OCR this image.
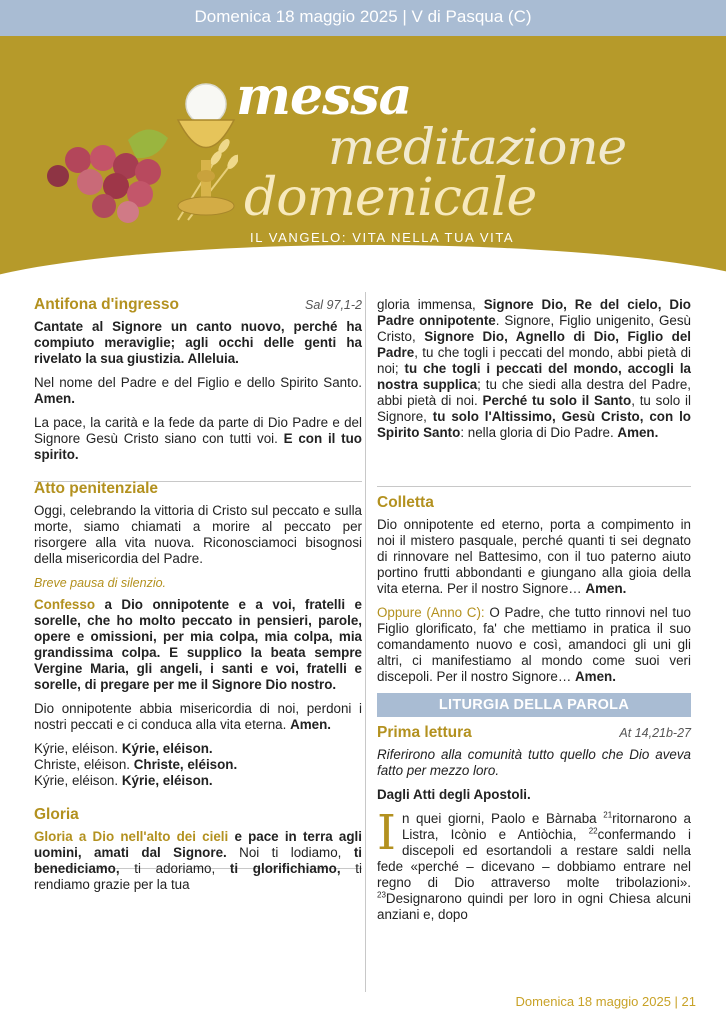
Domenica 18 maggio 2025 | V di Pasqua (C)
messa
meditazione
domenicale
IL VANGELO: VITA NELLA TUA VITA
Antifona d'ingresso	Sal 97,1-2

Cantate al Signore un canto nuovo, perché ha compiuto meraviglie; agli occhi delle genti ha rivelato la sua giustizia. Alleluia.

Nel nome del Padre e del Figlio e dello Spirito Santo. Amen.

La pace, la carità e la fede da parte di Dio Padre e del Signore Gesù Cristo siano con tutti voi. E con il tuo spirito.

Atto penitenziale

Oggi, celebrando la vittoria di Cristo sul peccato e sulla morte, siamo chiamati a morire al peccato per risorgere alla vita nuova. Riconosciamoci bisognosi della misericordia del Padre.

Breve pausa di silenzio.

Confesso a Dio onnipotente e a voi, fratelli e sorelle, che ho molto peccato in pensieri, parole, opere e omissioni, per mia colpa, mia colpa, mia grandissima colpa. E supplico la beata sempre Vergine Maria, gli angeli, i santi e voi, fratelli e sorelle, di pregare per me il Signore Dio nostro.

Dio onnipotente abbia misericordia di noi, perdoni i nostri peccati e ci conduca alla vita eterna. Amen.

Kýrie, eléison. Kýrie, eléison.
Christe, eléison. Christe, eléison.
Kýrie, eléison. Kýrie, eléison.
Gloria

Gloria a Dio nell'alto dei cieli e pace in terra agli uomini, amati dal Signore. Noi ti lodiamo, ti benediciamo, ti adoriamo, ti glorifichiamo, ti rendiamo grazie per la tua

gloria immensa, Signore Dio, Re del cielo, Dio Padre onnipotente. Signore, Figlio unigenito, Gesù Cristo, Signore Dio, Agnello di Dio, Figlio del Padre, tu che togli i peccati del mondo, abbi pietà di noi; tu che togli i peccati del mondo, accogli la nostra supplica; tu che siedi alla destra del Padre, abbi pietà di noi. Perché tu solo il Santo, tu solo il Signore, tu solo l'Altissimo, Gesù Cristo, con lo Spirito Santo: nella gloria di Dio Padre. Amen.

Colletta

Dio onnipotente ed eterno, porta a compimento in noi il mistero pasquale, perché quanti ti sei degnato di rinnovare nel Battesimo, con il tuo paterno aiuto portino frutti abbondanti e giungano alla gioia della vita eterna. Per il nostro Signore… Amen.

Oppure (Anno C): O Padre, che tutto rinnovi nel tuo Figlio glorificato, fa' che mettiamo in pratica il suo comandamento nuovo e così, amandoci gli uni gli altri, ci manifestiamo al mondo come suoi veri discepoli. Per il nostro Signore… Amen.

LITURGIA DELLA PAROLA
Prima lettura	At 14,21b-27

Riferirono alla comunità tutto quello che Dio aveva fatto per mezzo loro.

Dagli Atti degli Apostoli.

In quei giorni, Paolo e Bàrnaba $^{21}$ritornarono a Listra, Icònio e Antiòchia, $^{22}$confermando i discepoli ed esortandoli a restare saldi nella fede «perché – dicevano – dobbiamo entrare nel regno di Dio attraverso molte tribolazioni». $^{23}$Designarono quindi per loro in ogni Chiesa alcuni anziani e, dopo

Domenica 18 maggio 2025 | 21
